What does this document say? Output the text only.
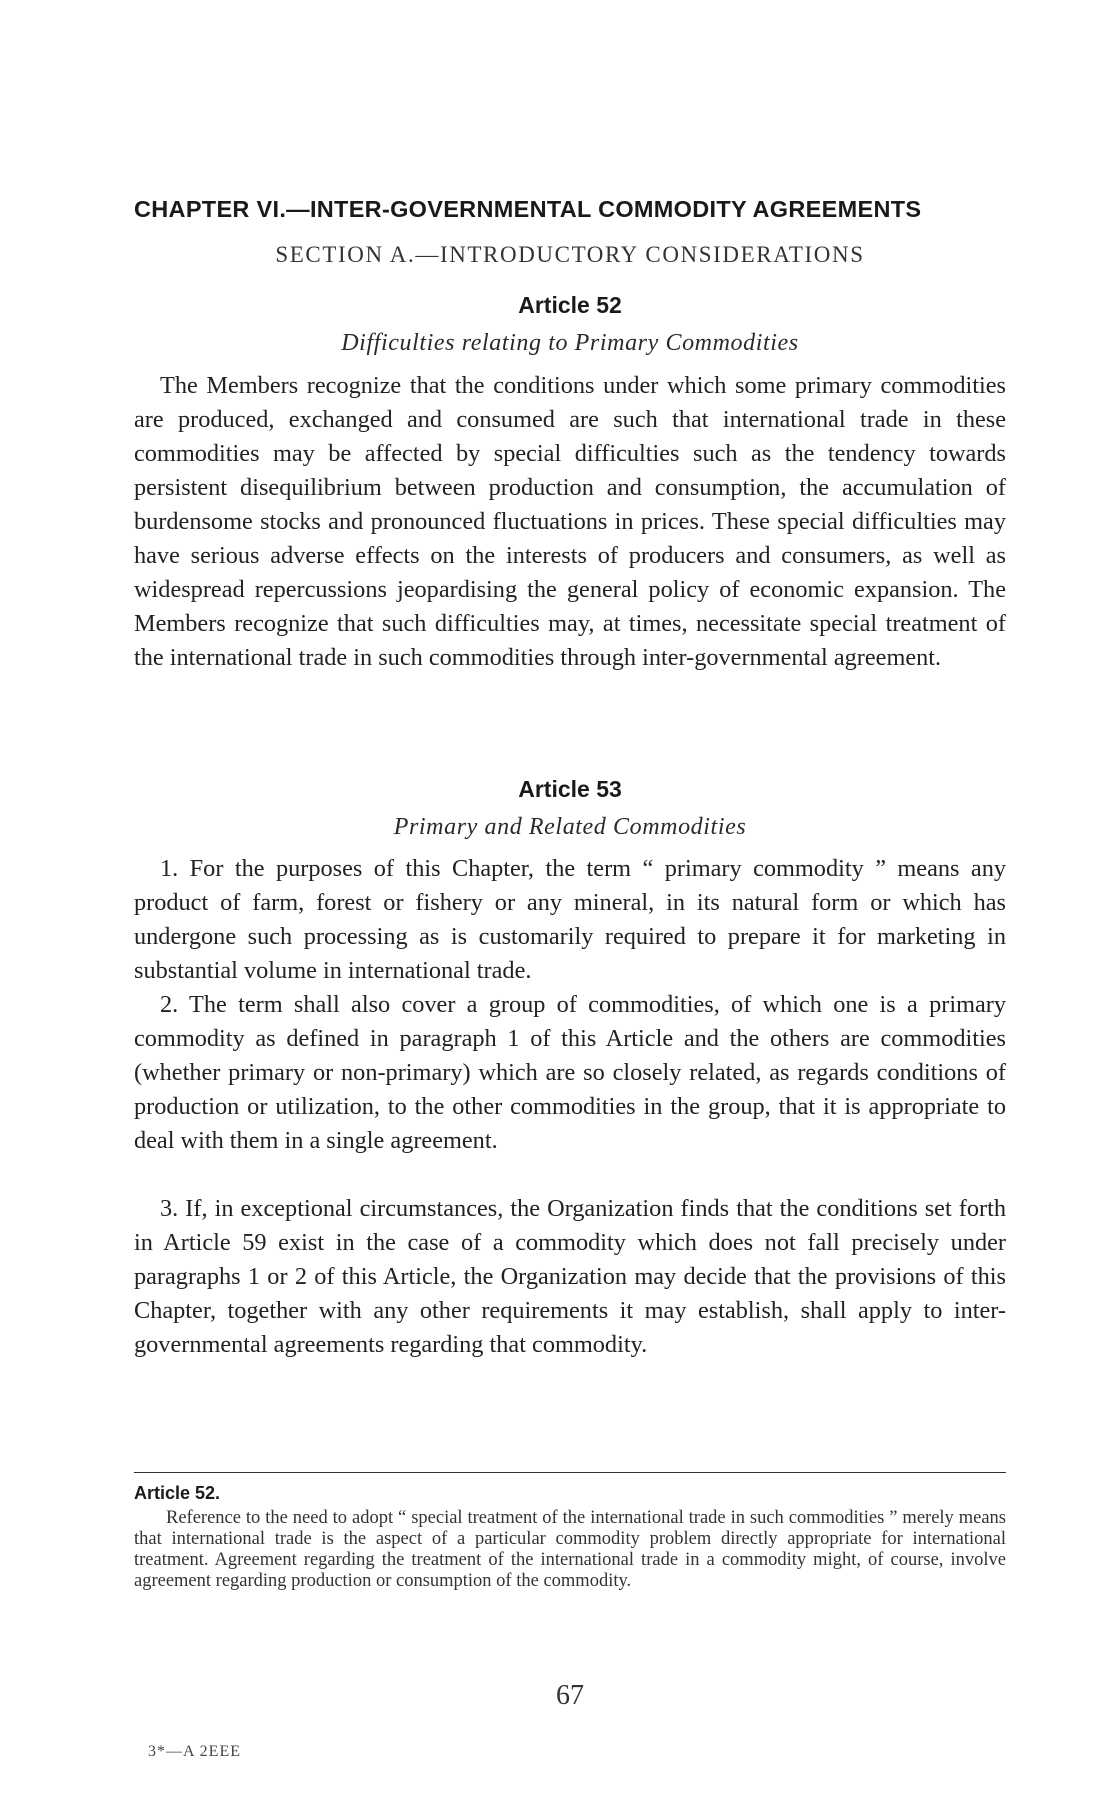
CHAPTER VI.—INTER-GOVERNMENTAL COMMODITY AGREEMENTS
SECTION A.—INTRODUCTORY CONSIDERATIONS
Article 52
Difficulties relating to Primary Commodities
The Members recognize that the conditions under which some primary commodities are produced, exchanged and consumed are such that international trade in these commodities may be affected by special difficulties such as the tendency towards persistent disequilibrium between production and consumption, the accumulation of burdensome stocks and pronounced fluctuations in prices. These special difficulties may have serious adverse effects on the interests of producers and consumers, as well as widespread repercussions jeopardising the general policy of economic expansion. The Members recognize that such difficulties may, at times, necessitate special treatment of the international trade in such commodities through inter-governmental agreement.
Article 53
Primary and Related Commodities
1. For the purposes of this Chapter, the term “ primary commodity ” means any product of farm, forest or fishery or any mineral, in its natural form or which has undergone such processing as is customarily required to prepare it for marketing in substantial volume in international trade.
2. The term shall also cover a group of commodities, of which one is a primary commodity as defined in paragraph 1 of this Article and the others are commodities (whether primary or non-primary) which are so closely related, as regards conditions of production or utilization, to the other commodities in the group, that it is appropriate to deal with them in a single agreement.
3. If, in exceptional circumstances, the Organization finds that the conditions set forth in Article 59 exist in the case of a commodity which does not fall precisely under paragraphs 1 or 2 of this Article, the Organization may decide that the provisions of this Chapter, together with any other requirements it may establish, shall apply to inter-governmental agreements regarding that commodity.
Article 52.
Reference to the need to adopt “ special treatment of the international trade in such commodities ” merely means that international trade is the aspect of a particular commodity problem directly appropriate for international treatment. Agreement regarding the treatment of the international trade in a commodity might, of course, involve agreement regarding production or consumption of the commodity.
67
3*—A 2EEE
